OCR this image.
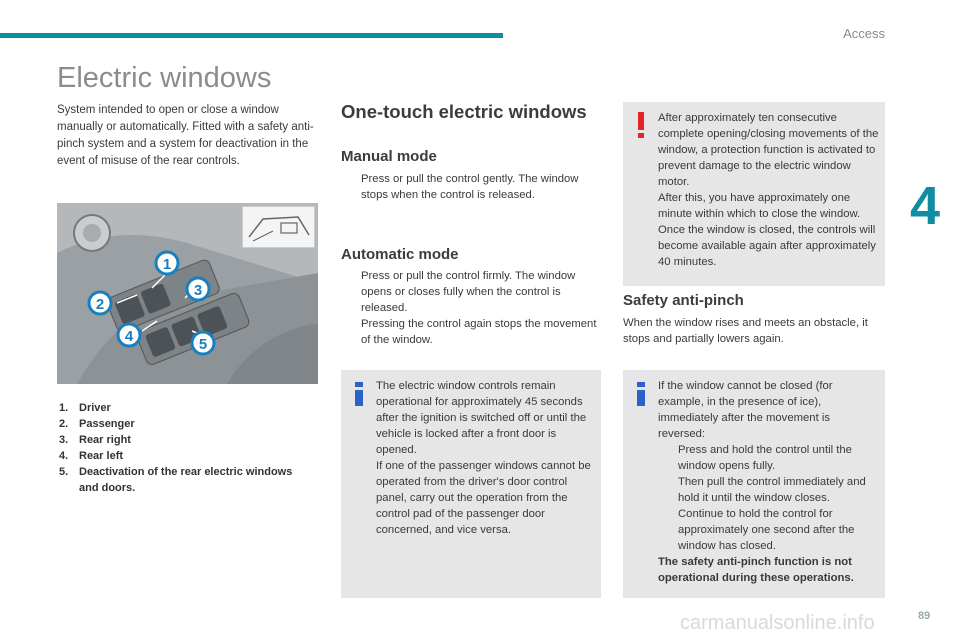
Access
4
Electric windows
System intended to open or close a window manually or automatically. Fitted with a safety anti-pinch system and a system for deactivation in the event of misuse of the rear controls.
1
2
3
4	5
1. Driver
2. Passenger
3. Rear right
4. Rear left
5. Deactivation of the rear electric windows and doors.
One-touch electric windows
Manual mode
Press or pull the control gently. The window stops when the control is released.
Automatic mode
Press or pull the control firmly. The window opens or closes fully when the control is released.
Pressing the control again stops the movement of the window.
The electric window controls remain operational for approximately 45 seconds after the ignition is switched off or until the vehicle is locked after a front door is opened.
If one of the passenger windows cannot be operated from the driver's door control panel, carry out the operation from the control pad of the passenger door concerned, and vice versa.
After approximately ten consecutive complete opening/closing movements of the window, a protection function is activated to prevent damage to the electric window motor.
After this, you have approximately one minute within which to close the window. Once the window is closed, the controls will become available again after approximately 40 minutes.
Safety anti-pinch
When the window rises and meets an obstacle, it stops and partially lowers again.
If the window cannot be closed (for example, in the presence of ice), immediately after the movement is reversed:
Press and hold the control until the window opens fully.
Then pull the control immediately and hold it until the window closes.
Continue to hold the control for approximately one second after the window has closed.
The safety anti-pinch function is not operational during these operations.
carmanualsonline.info	89
